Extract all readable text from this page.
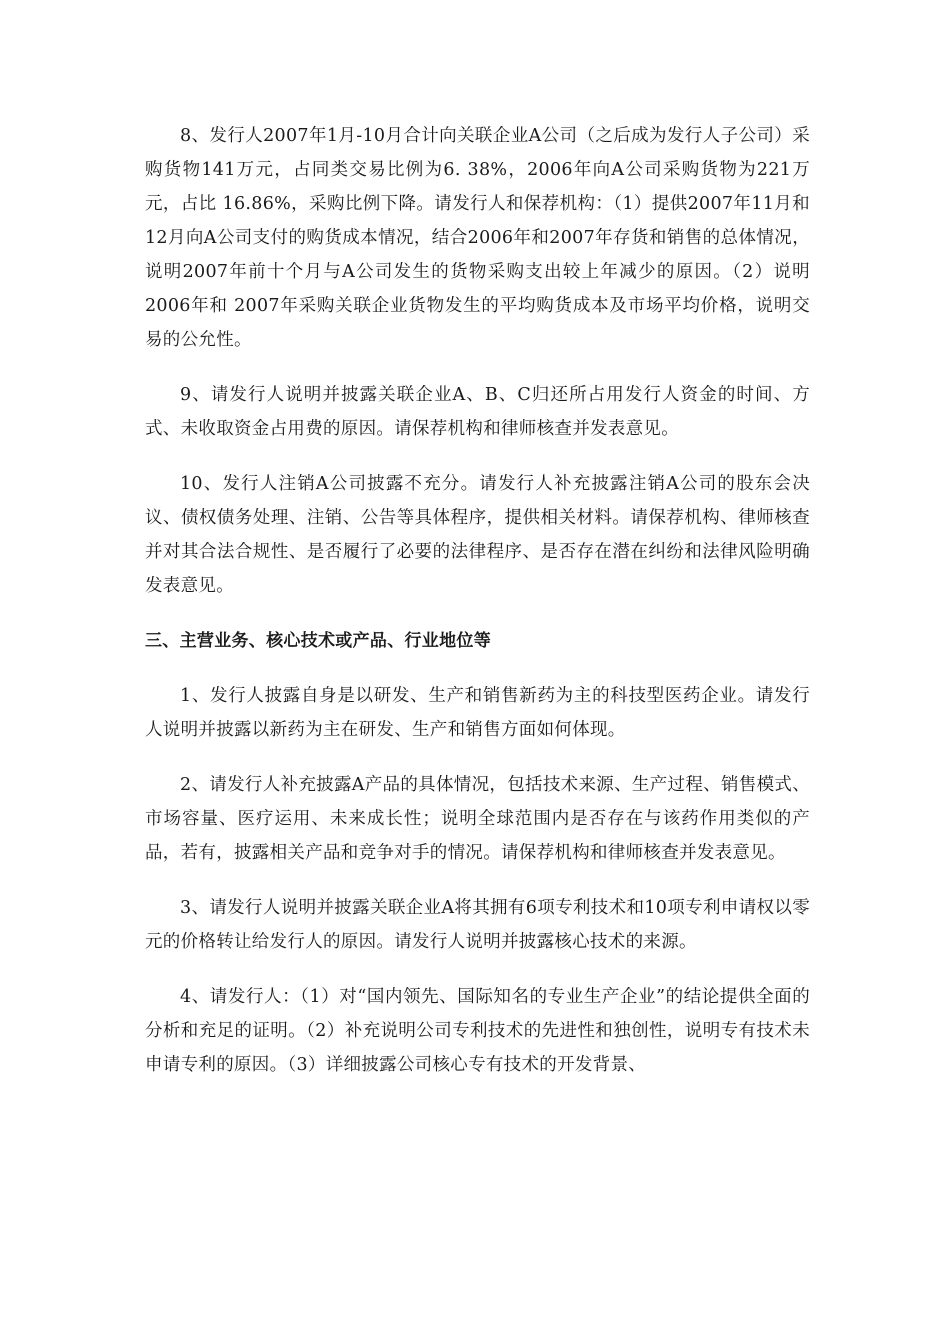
8、发行人2007年1月-10月合计向关联企业A公司（之后成为发行人子公司）采购货物141万元，占同类交易比例为6. 38%，2006年向A公司采购货物为221万元，占比 16.86%，采购比例下降。请发行人和保荐机构：（1）提供2007年11月和12月向A公司支付的购货成本情况，结合2006年和2007年存货和销售的总体情况，说明2007年前十个月与A公司发生的货物采购支出较上年减少的原因。（2）说明 2006年和 2007年采购关联企业货物发生的平均购货成本及市场平均价格，说明交易的公允性。

9、请发行人说明并披露关联企业A、B、C归还所占用发行人资金的时间、方式、未收取资金占用费的原因。请保荐机构和律师核查并发表意见。

10、发行人注销A公司披露不充分。请发行人补充披露注销A公司的股东会决议、债权债务处理、注销、公告等具体程序，提供相关材料。请保荐机构、律师核查并对其合法合规性、是否履行了必要的法律程序、是否存在潜在纠纷和法律风险明确发表意见。

三、主营业务、核心技术或产品、行业地位等

1、发行人披露自身是以研发、生产和销售新药为主的科技型医药企业。请发行人说明并披露以新药为主在研发、生产和销售方面如何体现。

2、请发行人补充披露A产品的具体情况，包括技术来源、生产过程、销售模式、市场容量、医疗运用、未来成长性；说明全球范围内是否存在与该药作用类似的产品，若有，披露相关产品和竞争对手的情况。请保荐机构和律师核查并发表意见。

3、请发行人说明并披露关联企业A将其拥有6项专利技术和10项专利申请权以零元的价格转让给发行人的原因。请发行人说明并披露核心技术的来源。

4、请发行人：（1）对“国内领先、国际知名的专业生产企业”的结论提供全面的分析和充足的证明。（2）补充说明公司专利技术的先进性和独创性，说明专有技术未申请专利的原因。（3）详细披露公司核心专有技术的开发背景、
